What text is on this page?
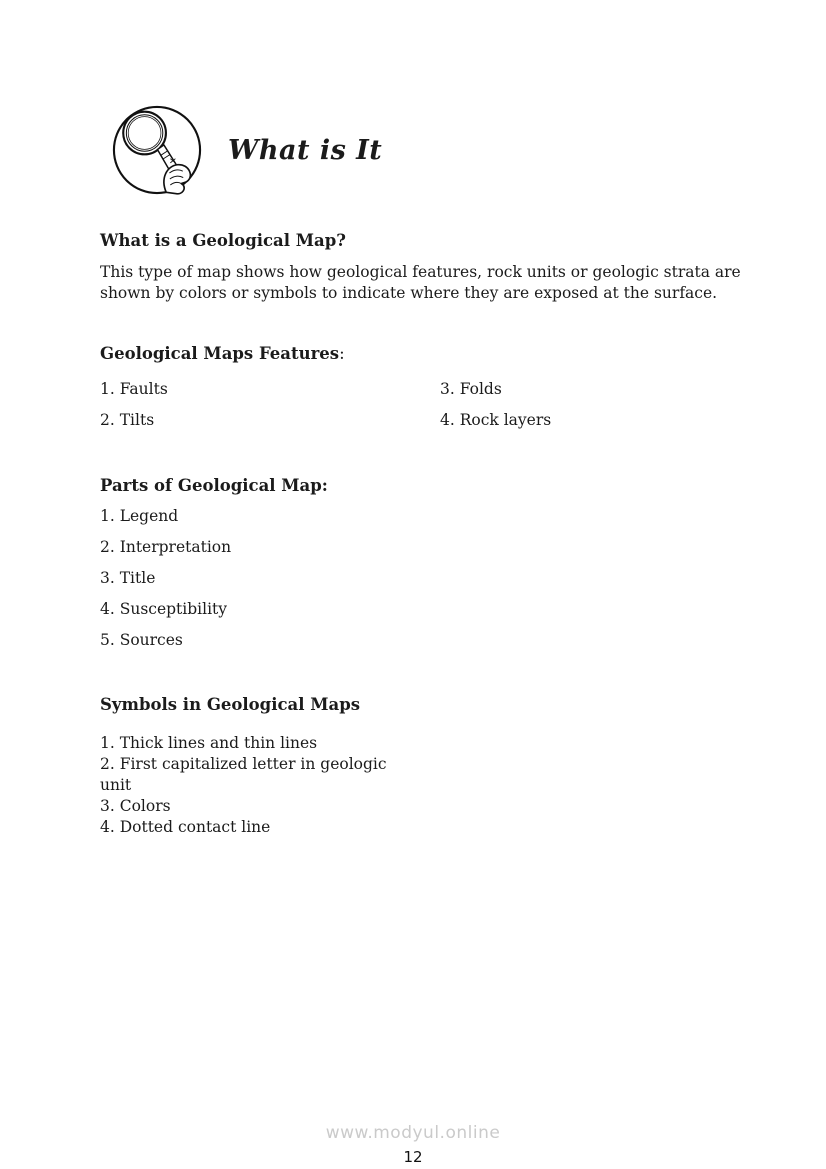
What is It
What is a Geological Map?

This type of map shows how geological features, rock units or geologic strata are shown by colors or symbols to indicate where they are exposed at the surface.

Geological Maps Features:
1. Faults
2. Tilts
3. Folds
4. Rock layers
Parts of Geological Map:
1. Legend
2. Interpretation
3. Title
4. Susceptibility
5. Sources
Symbols in Geological Maps
1. Thick lines and thin lines
2. First capitalized letter in geologic unit
3. Colors
4. Dotted contact line
www.modyul.online
12
